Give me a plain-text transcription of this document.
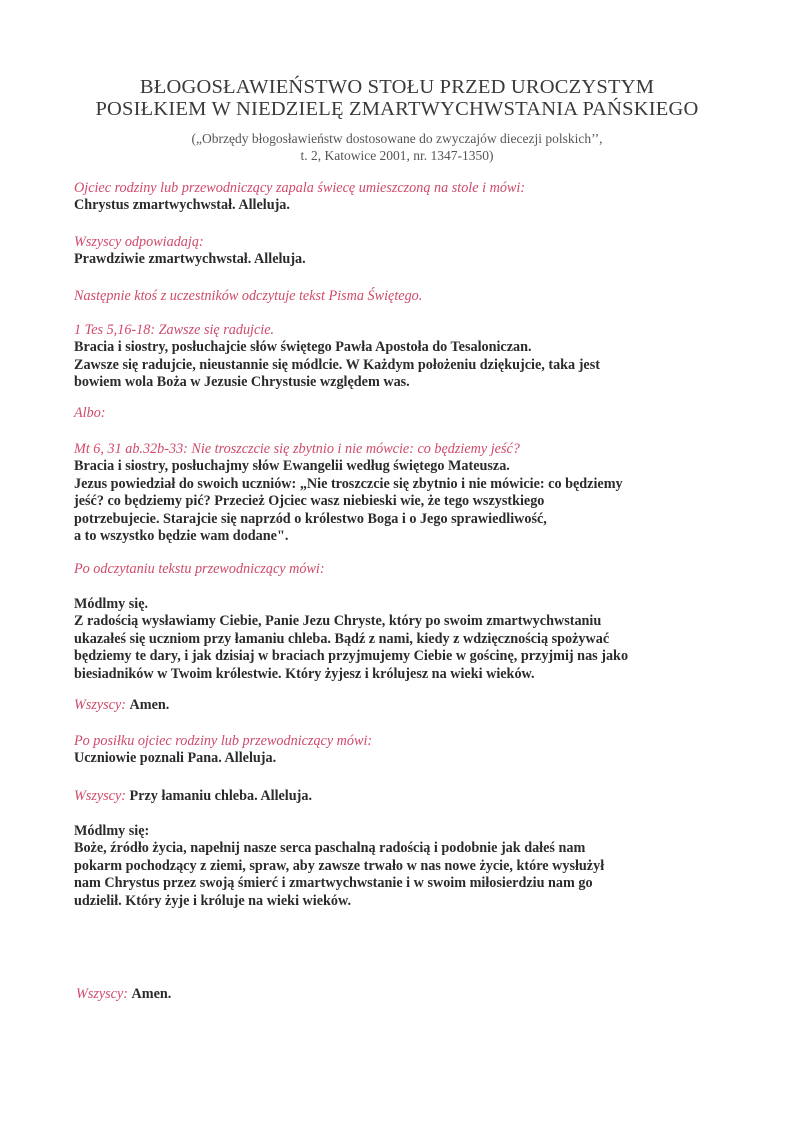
BŁOGOSŁAWIEŃSTWO STOŁU PRZED UROCZYSTYM
POSIŁKIEM W NIEDZIELĘ ZMARTWYCHWSTANIA PAŃSKIEGO
(„Obrzędy błogosławieństw dostosowane do zwyczajów diecezji polskich’’,
t. 2, Katowice 2001, nr. 1347-1350)
Ojciec rodziny lub przewodniczący zapala świecę umieszczoną na stole i mówi:
Chrystus zmartwychwstał. Alleluja.
Wszyscy odpowiadają:
Prawdziwie zmartwychwstał. Alleluja.
Następnie ktoś z uczestników odczytuje tekst Pisma Świętego.
1 Tes 5,16-18: Zawsze się radujcie.
Bracia i siostry, posłuchajcie słów świętego Pawła Apostoła do Tesaloniczan.
Zawsze się radujcie, nieustannie się módlcie. W Każdym położeniu dziękujcie, taka jest
bowiem wola Boża w Jezusie Chrystusie względem was.
Albo:
Mt 6, 31 ab.32b-33: Nie troszczcie się zbytnio i nie mówcie: co będziemy jeść?
Bracia i siostry, posłuchajmy słów Ewangelii według świętego Mateusza.
Jezus powiedział do swoich uczniów: „Nie troszczcie się zbytnio i nie mówicie: co będziemy
jeść? co będziemy pić? Przecież Ojciec wasz niebieski wie, że tego wszystkiego
potrzebujecie. Starajcie się naprzód o królestwo Boga i o Jego sprawiedliwość,
a to wszystko będzie wam dodane".
Po odczytaniu tekstu przewodniczący mówi:
Módlmy się.
Z radością wysławiamy Ciebie, Panie Jezu Chryste, który po swoim zmartwychwstaniu
ukazałeś się uczniom przy łamaniu chleba. Bądź z nami, kiedy z wdzięcznością spożywać
będziemy te dary, i jak dzisiaj w braciach przyjmujemy Ciebie w gościnę, przyjmij nas jako
biesiadników w Twoim królestwie. Który żyjesz i królujesz na wieki wieków.
Wszyscy: Amen.
Po posiłku ojciec rodziny lub przewodniczący mówi:
Uczniowie poznali Pana. Alleluja.
Wszyscy: Przy łamaniu chleba. Alleluja.
Módlmy się:
Boże, źródło życia, napełnij nasze serca paschalną radością i podobnie jak dałeś nam
pokarm pochodzący z ziemi, spraw, aby zawsze trwało w nas nowe życie, które wysłużył
nam Chrystus przez swoją śmierć i zmartwychwstanie i w swoim miłosierdziu nam go
udzielił. Który żyje i króluje na wieki wieków.
Wszyscy: Amen.
